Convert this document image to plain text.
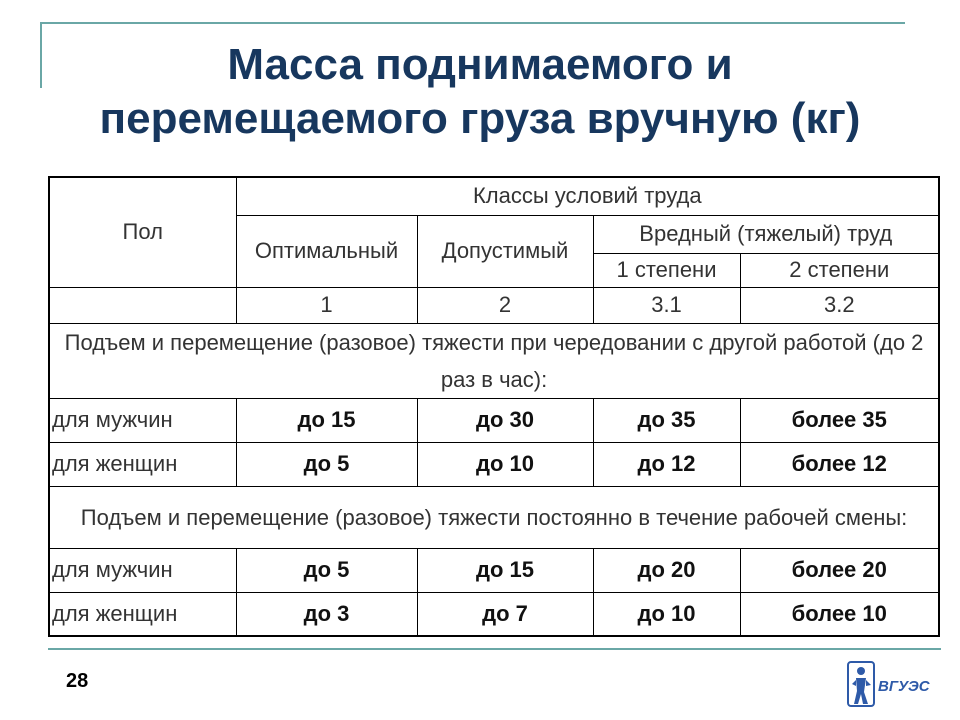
Масса поднимаемого и
перемещаемого груза вручную (кг)
Пол	Классы условий труда			
	Оптимальный	Допустимый	Вредный (тяжелый) труд	
			1 степени	2 степени
	1	2	3.1	3.2
Подъем и перемещение (разовое) тяжести при чередовании с другой работой (до 2 раз в час):				
для мужчин	до 15	до 30	до 35	более 35
для женщин	до 5	до 10	до 12	более 12
Подъем и перемещение (разовое) тяжести постоянно в течение рабочей смены:				
для мужчин	до 5	до 15	до 20	более 20
для женщин	до 3	до 7	до 10	более 10
28	ВГУЭС
